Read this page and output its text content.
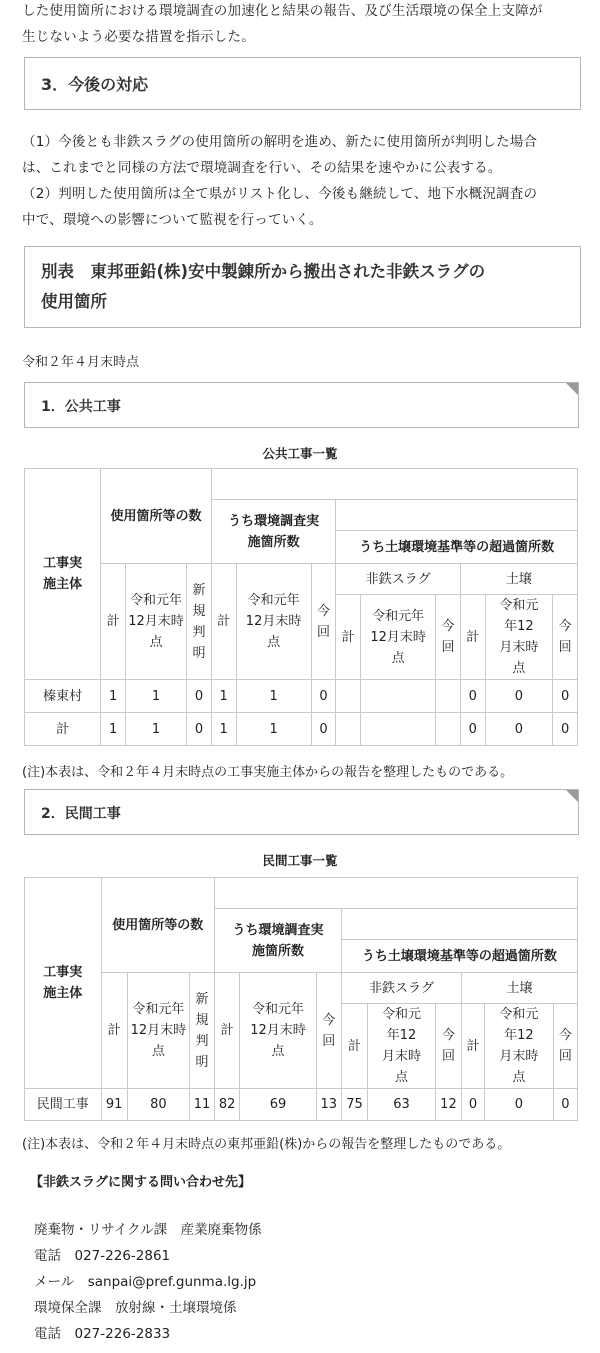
した使用箇所における環境調査の加速化と結果の報告、及び生活環境の保全上支障が
生じないよう必要な措置を指示した。
3．今後の対応
（1）今後とも非鉄スラグの使用箇所の解明を進め、新たに使用箇所が判明した場合
は、これまでと同様の方法で環境調査を行い、その結果を速やかに公表する。
（2）判明した使用箇所は全て県がリスト化し、今後も継続して、地下水概況調査の
中で、環境への影響について監視を行っていく。
別表　東邦亜鉛(株)安中製錬所から搬出された非鉄スラグの
使用箇所
令和２年４月末時点
1．公共工事
公共工事一覧
工事実施主体	使用箇所等の数											
				うち環境調査実施箇所数								
							うち土壌環境基準等の超過箇所数					
	計	令和元年12月末時点	新規判明	計	令和元年12月末時点	今回	非鉄スラグ			土壌		
							計	令和元年12月末時点	今回	計	令和元年12月末時点	今回
榛東村	1	1	0	1	1	0				0	0	0
計	1	1	0	1	1	0				0	0	0
(注)本表は、令和２年４月末時点の工事実施主体からの報告を整理したものである。
2．民間工事
民間工事一覧
工事実施主体	使用箇所等の数											
				うち環境調査実施箇所数								
							うち土壌環境基準等の超過箇所数					
	計	令和元年12月末時点	新規判明	計	令和元年12月末時点	今回	非鉄スラグ			土壌		
							計	令和元年12月末時点	今回	計	令和元年12月末時点	今回
民間工事	91	80	11	82	69	13	75	63	12	0	0	0
(注)本表は、令和２年４月末時点の東邦亜鉛(株)からの報告を整理したものである。
【非鉄スラグに関する問い合わせ先】
廃棄物・リサイクル課　産業廃棄物係
電話　027-226-2861
メール　sanpai@pref.gunma.lg.jp
環境保全課　放射線・土壌環境係
電話　027-226-2833
